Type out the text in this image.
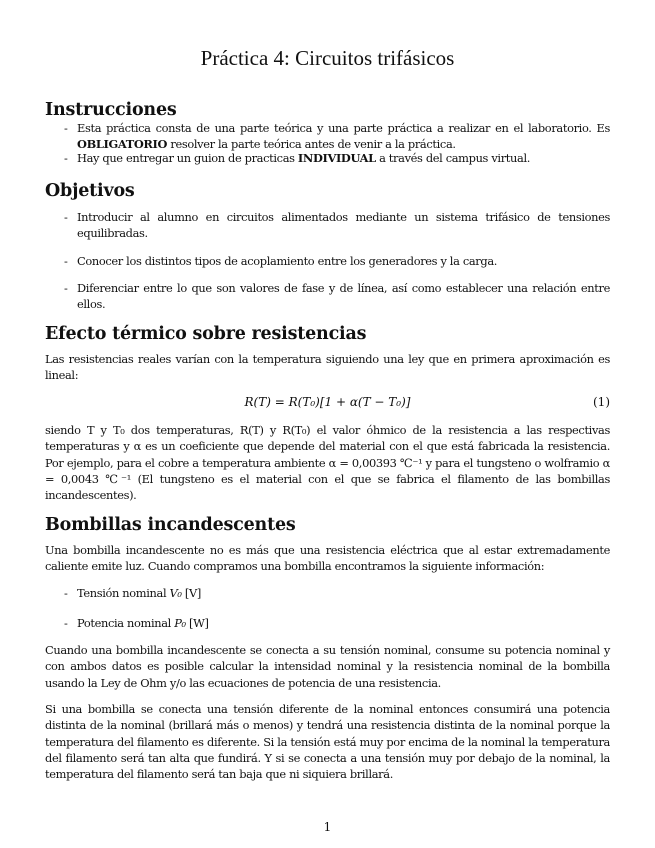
Práctica 4: Circuitos trifásicos
Instrucciones
- Esta práctica consta de una parte teórica y una parte práctica a realizar en el laboratorio. Es OBLIGATORIO resolver la parte teórica antes de venir a la práctica.
- Hay que entregar un guion de practicas INDIVIDUAL a través del campus virtual.
Objetivos
- Introducir al alumno en circuitos alimentados mediante un sistema trifásico de tensiones equilibradas.
- Conocer los distintos tipos de acoplamiento entre los generadores y la carga.
- Diferenciar entre lo que son valores de fase y de línea, así como establecer una relación entre ellos.
Efecto térmico sobre resistencias
Las resistencias reales varían con la temperatura siguiendo una ley que en primera aproximación es lineal:
R(T) = R(T₀)[1 + α(T − T₀)]	(1)
siendo T y T₀ dos temperaturas, R(T) y R(T₀) el valor óhmico de la resistencia a las respectivas temperaturas y α es un coeficiente que depende del material con el que está fabricada la resistencia. Por ejemplo, para el cobre a temperatura ambiente α = 0,00393 ℃⁻¹ y para el tungsteno o wolframio α = 0,0043 ℃⁻¹ (El tungsteno es el material con el que se fabrica el filamento de las bombillas incandescentes).
Bombillas incandescentes
Una bombilla incandescente no es más que una resistencia eléctrica que al estar extremadamente caliente emite luz. Cuando compramos una bombilla encontramos la siguiente información:
- Tensión nominal V₀ [V]
- Potencia nominal P₀ [W]
Cuando una bombilla incandescente se conecta a su tensión nominal, consume su potencia nominal y con ambos datos es posible calcular la intensidad nominal y la resistencia nominal de la bombilla usando la Ley de Ohm y/o las ecuaciones de potencia de una resistencia.
Si una bombilla se conecta una tensión diferente de la nominal entonces consumirá una potencia distinta de la nominal (brillará más o menos) y tendrá una resistencia distinta de la nominal porque la temperatura del filamento es diferente. Si la tensión está muy por encima de la nominal la temperatura del filamento será tan alta que fundirá. Y si se conecta a una tensión muy por debajo de la nominal, la temperatura del filamento será tan baja que ni siquiera brillará.
1
